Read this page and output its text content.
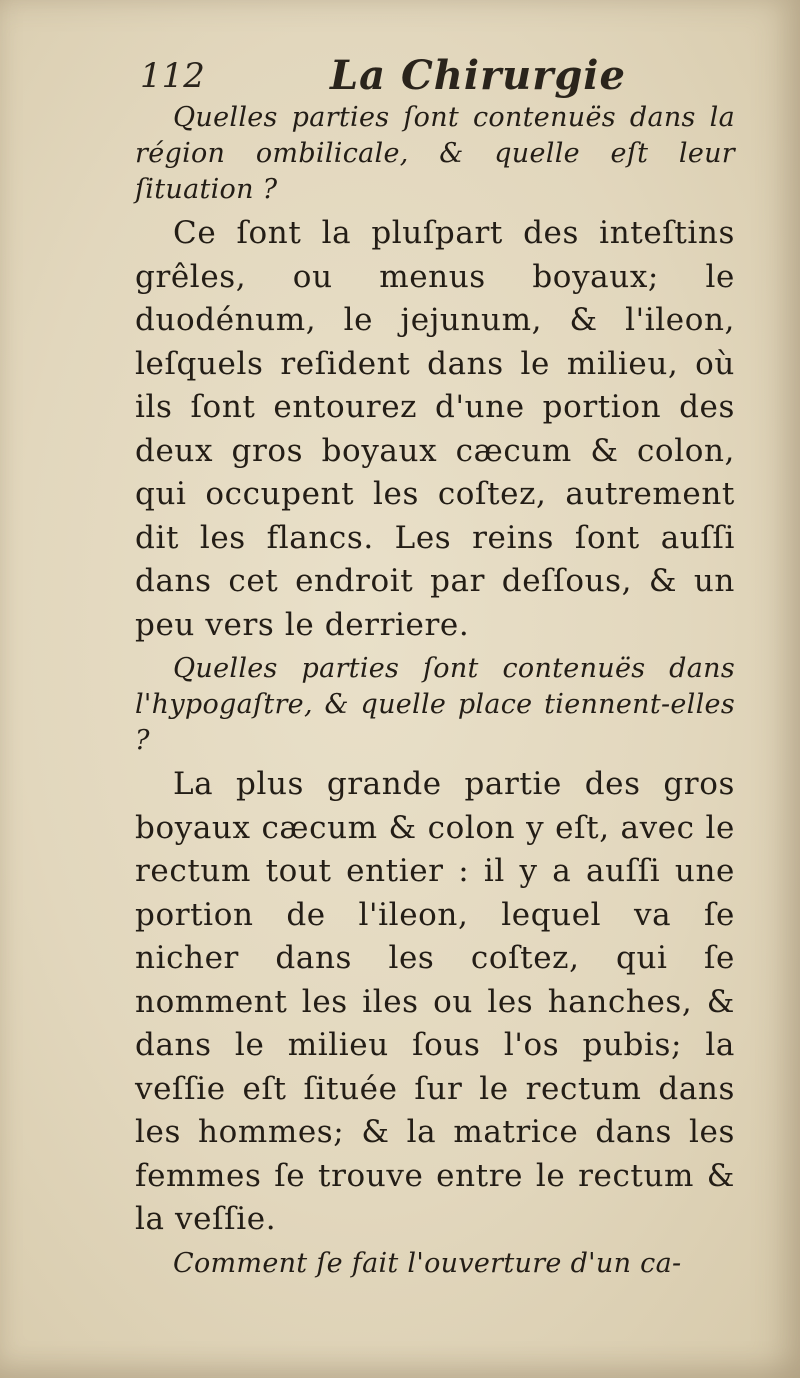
112	La Chirurgie

Quelles parties ſont contenuës dans la région ombilicale, & quelle eſt leur ſituation ?

Ce ſont la pluſpart des inteſtins grêles, ou menus boyaux; le duodénum, le jejunum, & l'ileon, leſquels reſident dans le milieu, où ils ſont entourez d'une portion des deux gros boyaux cæcum & colon, qui occupent les coſtez, autrement dit les flancs. Les reins ſont auſſi dans cet endroit par deſſous, & un peu vers le derriere.

Quelles parties ſont contenuës dans l'hypogaſtre, & quelle place tiennent-elles ?

La plus grande partie des gros boyaux cæcum & colon y eſt, avec le rectum tout entier : il y a auſſi une portion de l'ileon, lequel va ſe nicher dans les coſtez, qui ſe nomment les iles ou les hanches, & dans le milieu ſous l'os pubis; la veſſie eſt ſituée ſur le rectum dans les hommes; & la matrice dans les femmes ſe trouve entre le rectum & la veſſie.

Comment ſe fait l'ouverture d'un ca-
